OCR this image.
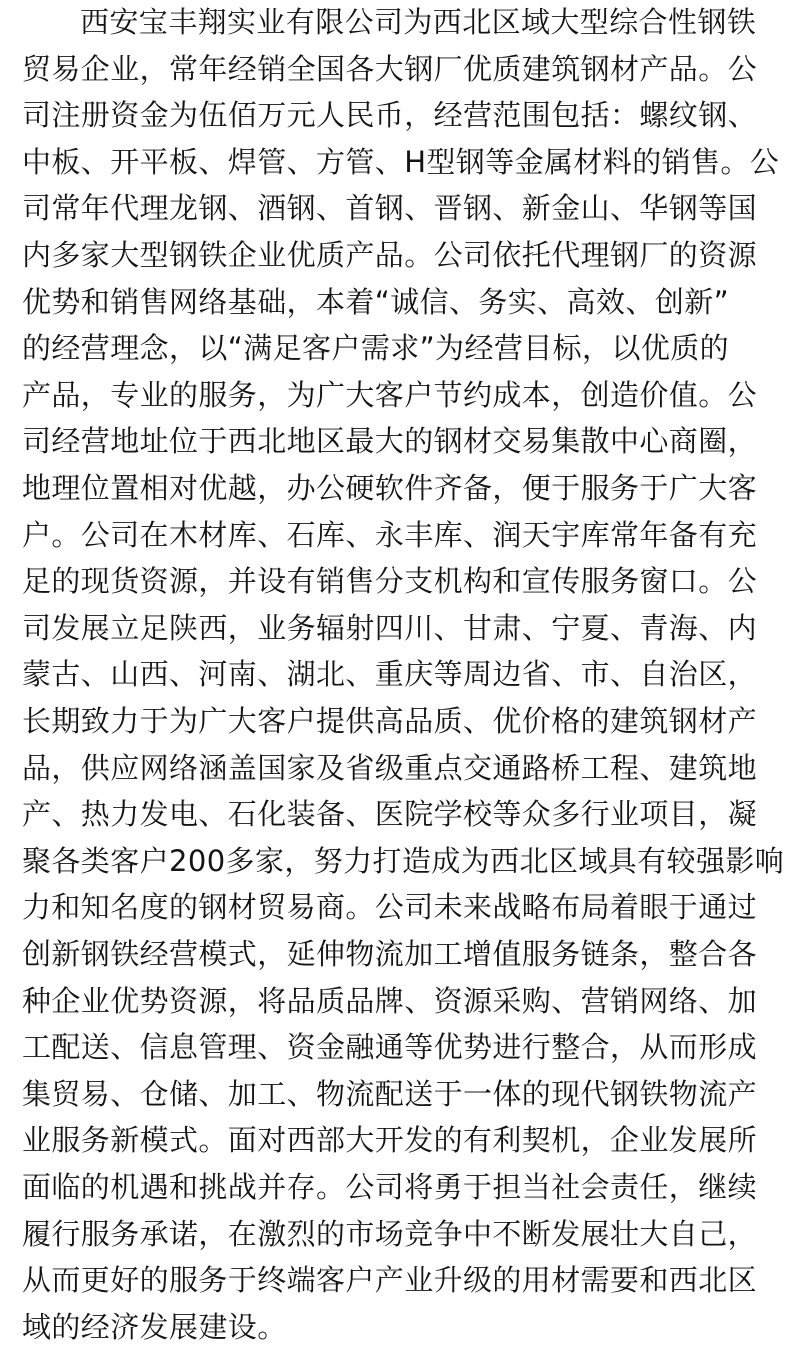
西安宝丰翔实业有限公司为西北区域大型综合性钢铁
贸易企业，常年经销全国各大钢厂优质建筑钢材产品。公
司注册资金为伍佰万元人民币，经营范围包括：螺纹钢、
中板、开平板、焊管、方管、H型钢等金属材料的销售。公
司常年代理龙钢、酒钢、首钢、晋钢、新金山、华钢等国
内多家大型钢铁企业优质产品。公司依托代理钢厂的资源
优势和销售网络基础，本着“诚信、务实、高效、创新”
的经营理念，以“满足客户需求”为经营目标，以优质的
产品，专业的服务，为广大客户节约成本，创造价值。公
司经营地址位于西北地区最大的钢材交易集散中心商圈，
地理位置相对优越，办公硬软件齐备，便于服务于广大客
户。公司在木材库、石库、永丰库、润天宇库常年备有充
足的现货资源，并设有销售分支机构和宣传服务窗口。公
司发展立足陕西，业务辐射四川、甘肃、宁夏、青海、内
蒙古、山西、河南、湖北、重庆等周边省、市、自治区，
长期致力于为广大客户提供高品质、优价格的建筑钢材产
品，供应网络涵盖国家及省级重点交通路桥工程、建筑地
产、热力发电、石化装备、医院学校等众多行业项目，凝
聚各类客户200多家，努力打造成为西北区域具有较强影响
力和知名度的钢材贸易商。公司未来战略布局着眼于通过
创新钢铁经营模式，延伸物流加工增值服务链条，整合各
种企业优势资源，将品质品牌、资源采购、营销网络、加
工配送、信息管理、资金融通等优势进行整合，从而形成
集贸易、仓储、加工、物流配送于一体的现代钢铁物流产
业服务新模式。面对西部大开发的有利契机，企业发展所
面临的机遇和挑战并存。公司将勇于担当社会责任，继续
履行服务承诺，在激烈的市场竞争中不断发展壮大自己，
从而更好的服务于终端客户产业升级的用材需要和西北区
域的经济发展建设。
